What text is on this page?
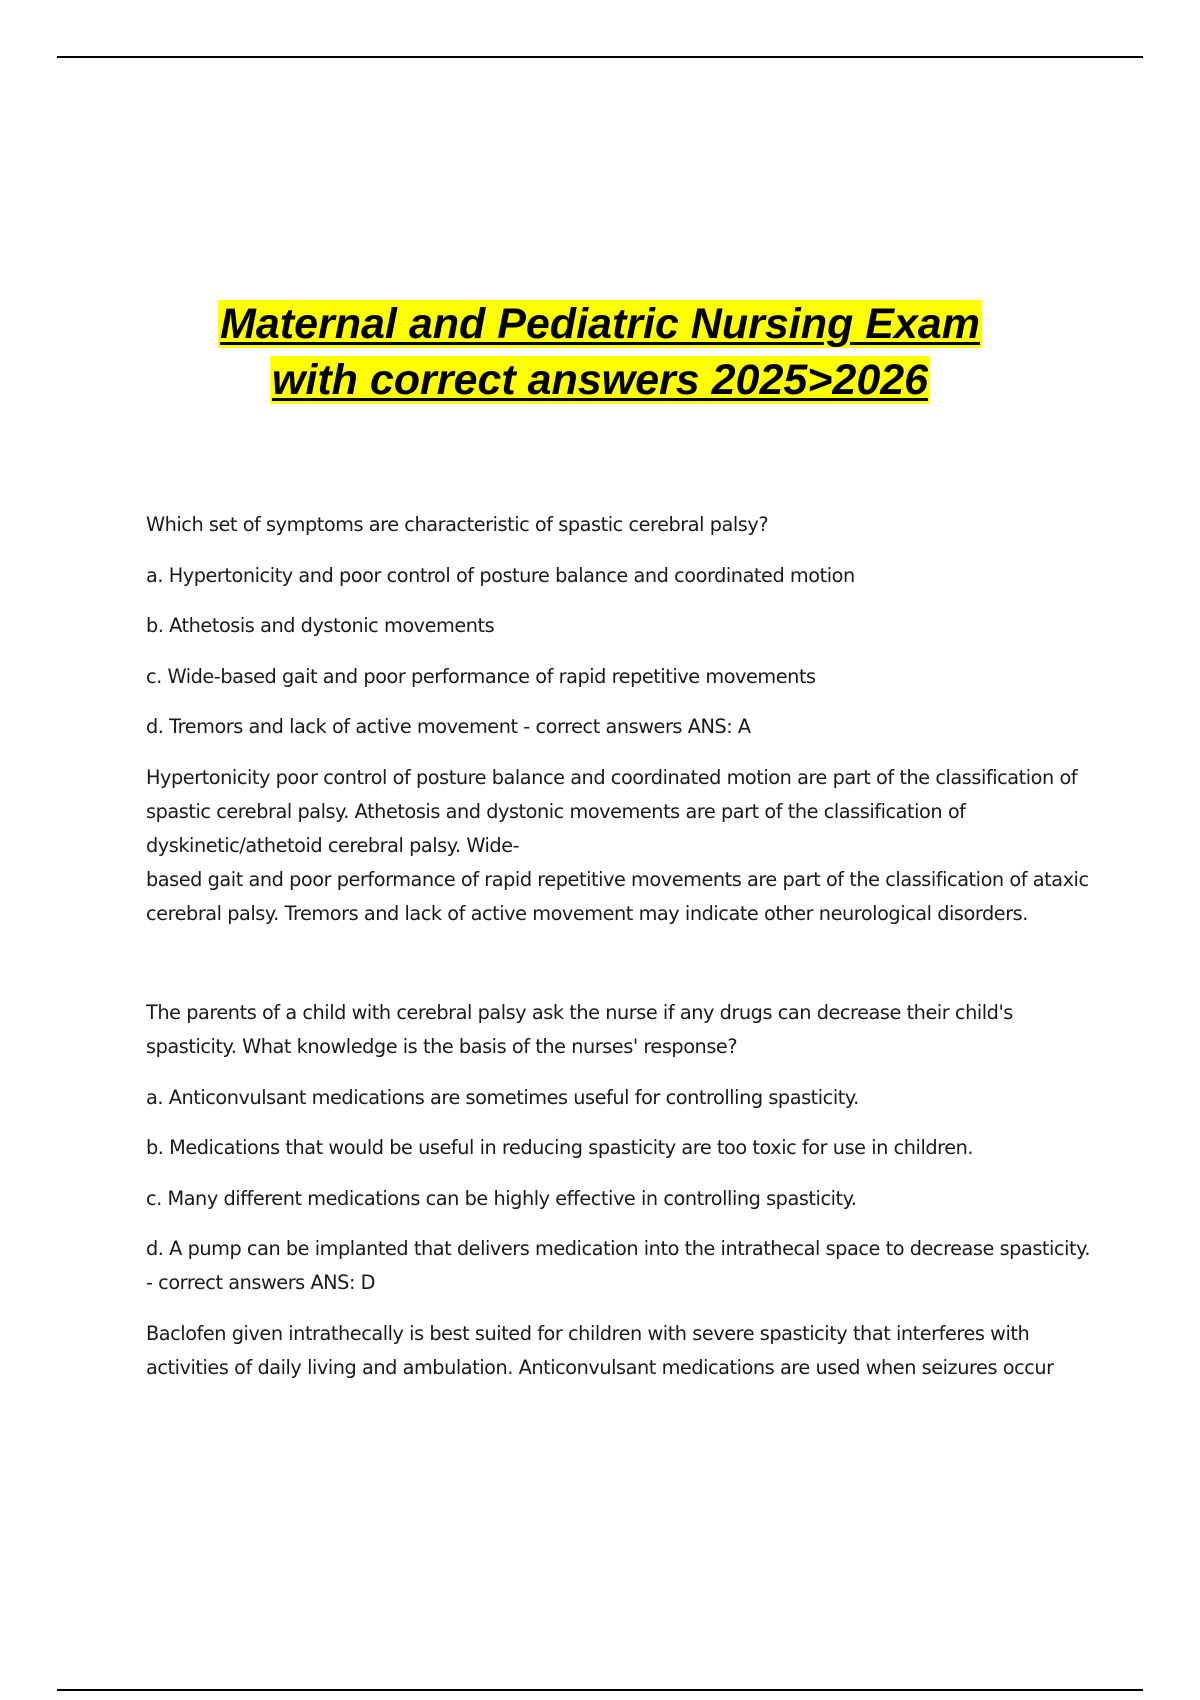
Maternal and Pediatric Nursing Exam
with correct answers 2025>2026

Which set of symptoms are characteristic of spastic cerebral palsy?

a. Hypertonicity and poor control of posture balance and coordinated motion

b. Athetosis and dystonic movements

c. Wide-based gait and poor performance of rapid repetitive movements

d. Tremors and lack of active movement - correct answers ANS: A

Hypertonicity poor control of posture balance and coordinated motion are part of the classification of spastic cerebral palsy. Athetosis and dystonic movements are part of the classification of dyskinetic/athetoid cerebral palsy. Wide-
based gait and poor performance of rapid repetitive movements are part of the classification of ataxic cerebral palsy. Tremors and lack of active movement may indicate other neurological disorders.

The parents of a child with cerebral palsy ask the nurse if any drugs can decrease their child's spasticity. What knowledge is the basis of the nurses' response?

a. Anticonvulsant medications are sometimes useful for controlling spasticity.

b. Medications that would be useful in reducing spasticity are too toxic for use in children.

c. Many different medications can be highly effective in controlling spasticity.

d. A pump can be implanted that delivers medication into the intrathecal space to decrease spasticity. - correct answers ANS: D

Baclofen given intrathecally is best suited for children with severe spasticity that interferes with activities of daily living and ambulation. Anticonvulsant medications are used when seizures occur
